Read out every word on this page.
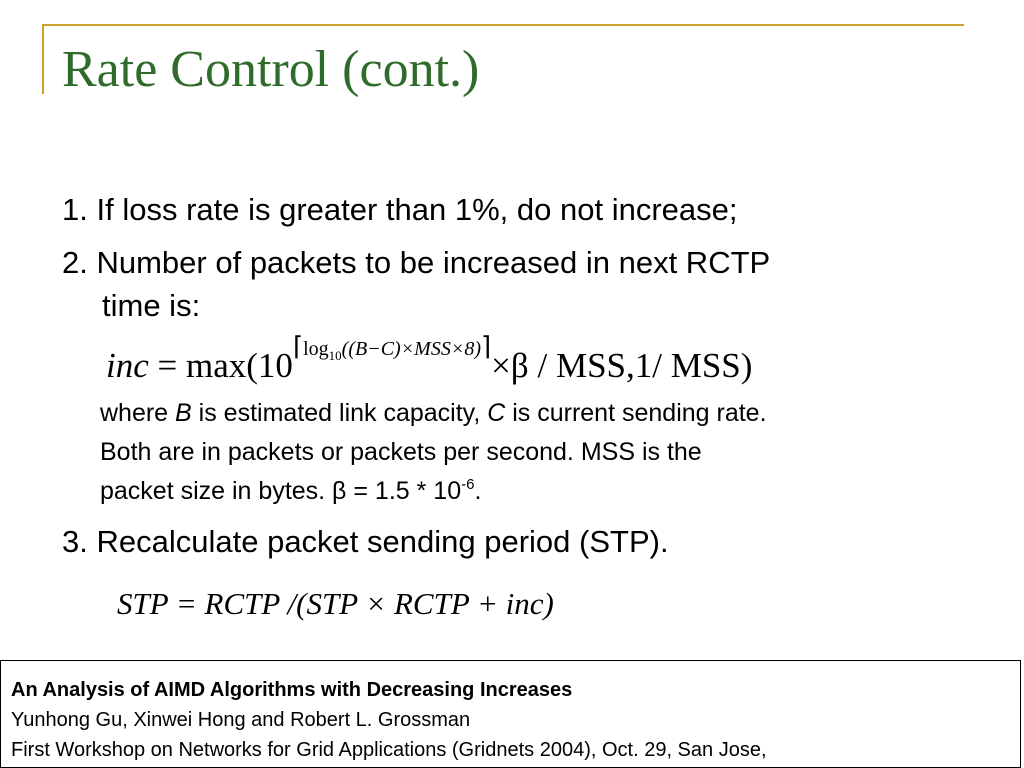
Rate Control (cont.)
1. If loss rate is greater than 1%, do not increase;
2. Number of packets to be increased in next RCTP
time is:
inc = $\max(10⌈\log_{10}((B-C)\times MSS\times 8)⌉\times\beta / MSS,1/$ MSS)
where B is estimated link capacity, C is current sending rate.
Both are in packets or packets per second. MSS is the
packet size in bytes. $\beta = 1.5 * 10^{-6}$.
3. Recalculate packet sending period (STP).
STP = RCTP /(STP × RCTP + inc)
An Analysis of AIMD Algorithms with Decreasing Increases
Yunhong Gu, Xinwei Hong and Robert L. Grossman
First Workshop on Networks for Grid Applications (Gridnets 2004), Oct. 29, San Jose,
